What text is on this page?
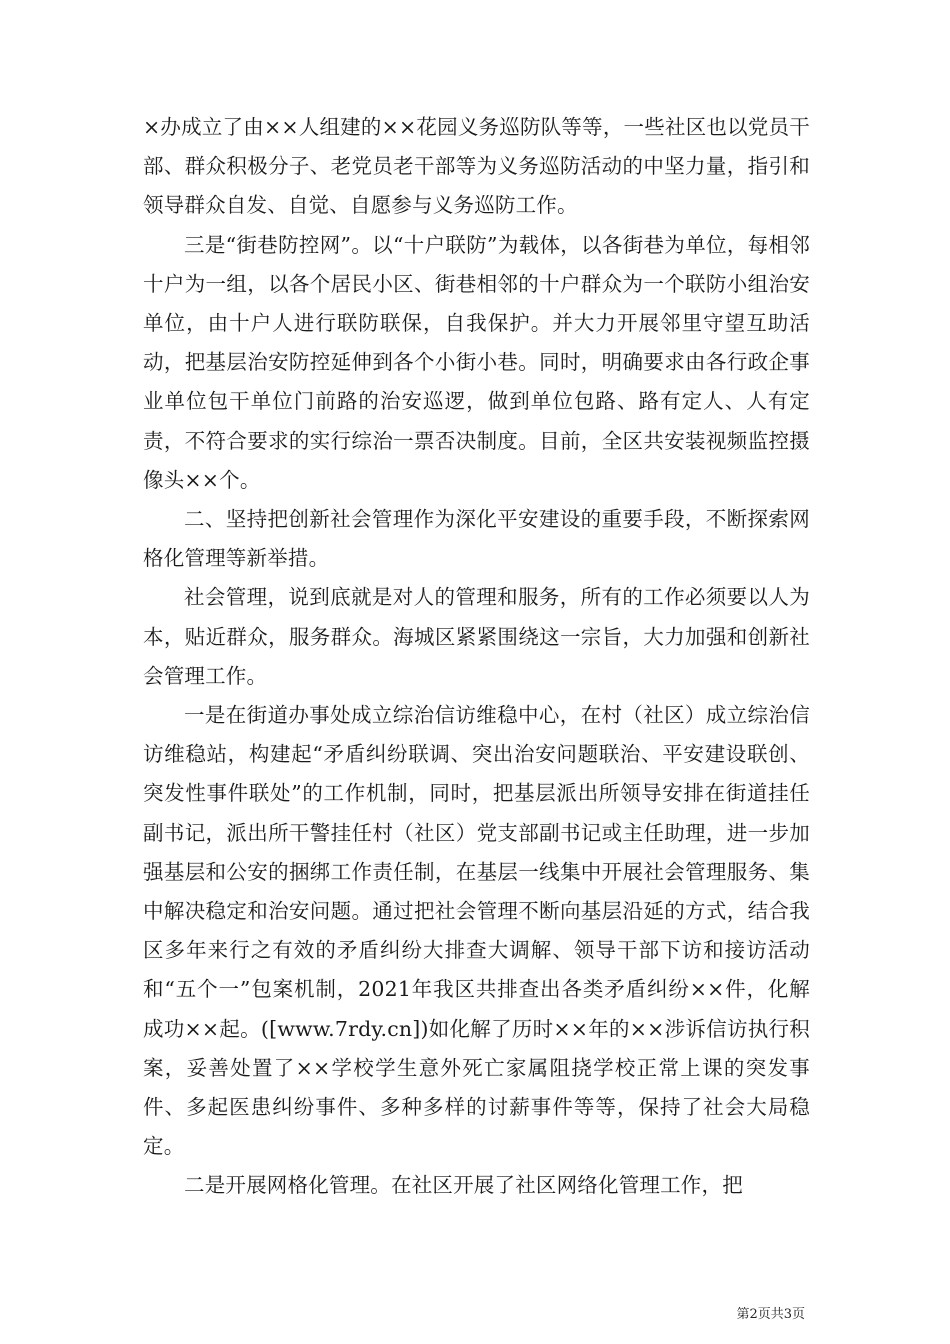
×办成立了由××人组建的××花园义务巡防队等等，一些社区也以党员干部、群众积极分子、老党员老干部等为义务巡防活动的中坚力量，指引和领导群众自发、自觉、自愿参与义务巡防工作。

三是“街巷防控网”。以“十户联防”为载体，以各街巷为单位，每相邻十户为一组，以各个居民小区、街巷相邻的十户群众为一个联防小组治安单位，由十户人进行联防联保，自我保护。并大力开展邻里守望互助活动，把基层治安防控延伸到各个小街小巷。同时，明确要求由各行政企事业单位包干单位门前路的治安巡逻，做到单位包路、路有定人、人有定责，不符合要求的实行综治一票否决制度。目前，全区共安装视频监控摄像头××个。

二、坚持把创新社会管理作为深化平安建设的重要手段，不断探索网格化管理等新举措。

社会管理，说到底就是对人的管理和服务，所有的工作必须要以人为本，贴近群众，服务群众。海城区紧紧围绕这一宗旨，大力加强和创新社会管理工作。

一是在街道办事处成立综治信访维稳中心，在村（社区）成立综治信访维稳站，构建起“矛盾纠纷联调、突出治安问题联治、平安建设联创、突发性事件联处”的工作机制，同时，把基层派出所领导安排在街道挂任副书记，派出所干警挂任村（社区）党支部副书记或主任助理，进一步加强基层和公安的捆绑工作责任制，在基层一线集中开展社会管理服务、集中解决稳定和治安问题。通过把社会管理不断向基层沿延的方式，结合我区多年来行之有效的矛盾纠纷大排查大调解、领导干部下访和接访活动和“五个一”包案机制，2021年我区共排查出各类矛盾纠纷××件，化解成功××起。([www.7rdy.cn])如化解了历时××年的××涉诉信访执行积案，妥善处置了××学校学生意外死亡家属阻挠学校正常上课的突发事件、多起医患纠纷事件、多种多样的讨薪事件等等，保持了社会大局稳定。

二是开展网格化管理。在社区开展了社区网络化管理工作，把

第2页共3页
